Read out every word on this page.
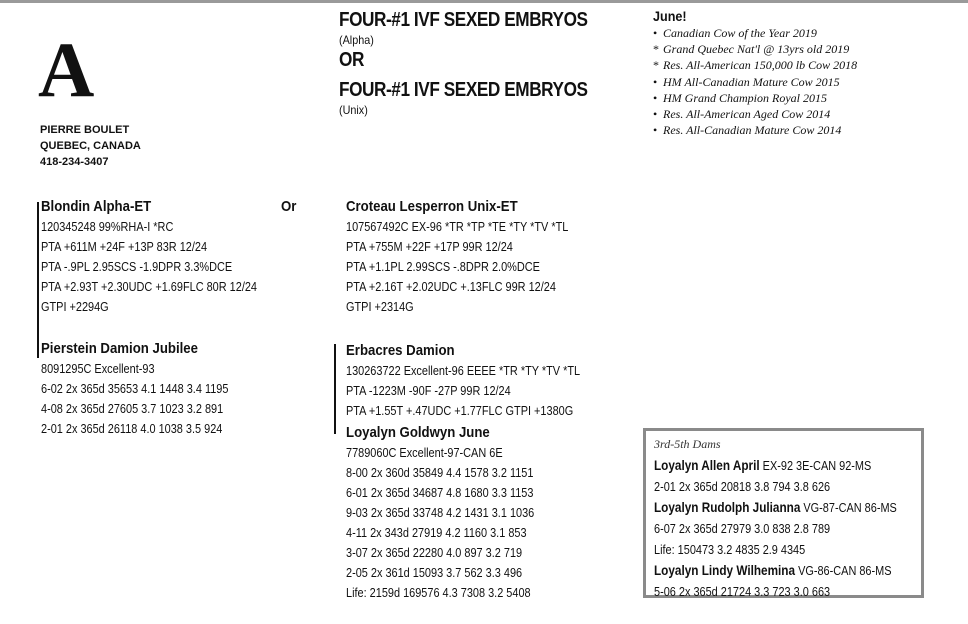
A
PIERRE BOULET
QUEBEC, CANADA
418-234-3407
FOUR-#1 IVF SEXED EMBRYOS
(Alpha)
OR
FOUR-#1 IVF SEXED EMBRYOS
(Unix)
June!
• Canadian Cow of the Year 2019
* Grand Quebec Nat'l @ 13yrs old 2019
* Res. All-American 150,000 lb Cow 2018
• HM All-Canadian Mature Cow 2015
• HM Grand Champion Royal 2015
• Res. All-American Aged Cow 2014
• Res. All-Canadian Mature Cow 2014
Blondin Alpha-ET
120345248 99%RHA-I *RC
PTA +611M +24F +13P 83R 12/24
PTA -.9PL 2.95SCS -1.9DPR 3.3%DCE
PTA +2.93T +2.30UDC +1.69FLC 80R 12/24
GTPI +2294G
Or
Pierstein Damion Jubilee
8091295C Excellent-93
6-02 2x 365d 35653 4.1 1448 3.4 1195
4-08 2x 365d 27605 3.7 1023 3.2 891
2-01 2x 365d 26118 4.0 1038 3.5 924
Croteau Lesperron Unix-ET
107567492C EX-96 *TR *TP *TE *TY *TV *TL
PTA +755M +22F +17P 99R 12/24
PTA +1.1PL 2.99SCS -.8DPR 2.0%DCE
PTA +2.16T +2.02UDC +.13FLC 99R 12/24
GTPI +2314G
Erbacres Damion
130263722 Excellent-96 EEEE *TR *TY *TV *TL
PTA -1223M -90F -27P 99R 12/24
PTA +1.55T +.47UDC +1.77FLC GTPI +1380G
Loyalyn Goldwyn June
7789060C Excellent-97-CAN 6E
8-00 2x 360d 35849 4.4 1578 3.2 1151
6-01 2x 365d 34687 4.8 1680 3.3 1153
9-03 2x 365d 33748 4.2 1431 3.1 1036
4-11 2x 343d 27919 4.2 1160 3.1 853
3-07 2x 365d 22280 4.0 897 3.2 719
2-05 2x 361d 15093 3.7 562 3.3 496
Life: 2159d 169576 4.3 7308 3.2 5408
3rd-5th Dams
Loyalyn Allen April EX-92 3E-CAN 92-MS
2-01 2x 365d 20818 3.8 794 3.8 626
Loyalyn Rudolph Julianna VG-87-CAN 86-MS
6-07 2x 365d 27979 3.0 838 2.8 789
Life: 150473 3.2 4835 2.9 4345
Loyalyn Lindy Wilhemina VG-86-CAN 86-MS
5-06 2x 365d 21724 3.3 723 3.0 663
